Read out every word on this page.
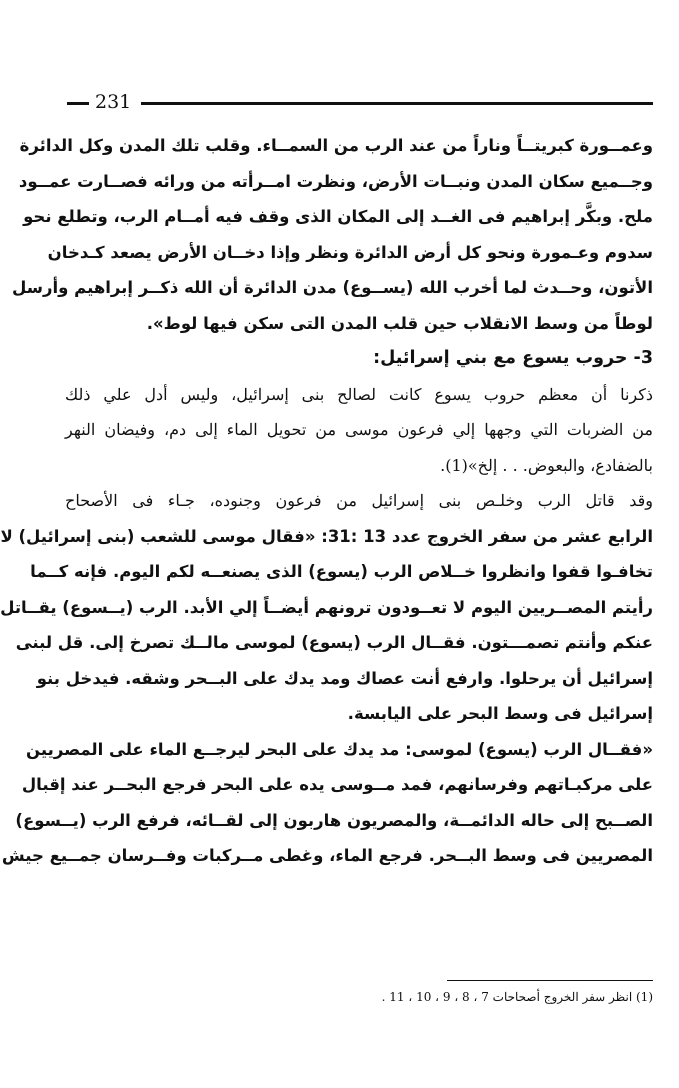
231
وعمــورة كبريتــاً وناراً من عند الرب من السمــاء. وقلب تلك المدن وكل الدائرة
وجــميع سكان المدن ونبــات الأرض، ونظرت امــرأته من ورائه فصــارت عمــود
ملح. وبكَّر إبراهيم فى الغــد إلى المكان الذى وقف فيه أمــام الرب، وتطلع نحو
سدوم وعـمورة ونحو كل أرض الدائرة ونظر وإذا دخــان الأرض يصعد كـدخان
الأتون، وحــدث لما أخرب الله (يســوع) مدن الدائرة أن الله ذكــر إبراهيم وأرسل
لوطاً من وسط الانقلاب حين قلب المدن التى سكن فيها لوط».
3- حروب يسوع مع بني إسرائيل:
ذكرنا أن معظم حروب يسوع كانت لصالح بنى إسرائيل، وليس أدل علي ذلك
من الضربات التي وجهها إلي فرعون موسى من تحويل الماء إلى دم، وفيضان النهر
بالضفادع، والبعوض. . . إلخ»(1).
وقد قاتل الرب وخلـص بنى إسرائيل من فرعون وجنوده، جـاء فى الأصحاح
الرابع عشر من سفر الخروج عدد 13 :31: «فقال موسى للشعب (بنى إسرائيل) لا
تخافـوا قفوا وانظروا خــلاص الرب (يسوع) الذى يصنعــه لكم اليوم. فإنه كــما
رأيتم المصــريين اليوم لا تعــودون ترونهم أيضــاً إلي الأبد. الرب (يــسوع) يقــاتل
عنكم وأنتم تصمـــتون. فقــال الرب (يسوع) لموسى مالــك تصرخ إلى. قل لبنى
إسرائيل أن يرحلوا. وارفع أنت عصاك ومد يدك على البــحر وشقه. فيدخل بنو
إسرائيل فى وسط البحر على اليابسة.
«فقــال الرب (يسوع) لموسى: مد يدك على البحر ليرجــع الماء على المصريين
على مركبـاتهم وفرسانهم، فمد مــوسى يده على البحر فرجع البحــر عند إقبال
الصــبح إلى حاله الدائمــة، والمصريون هاربون إلى لقــائه، فرفع الرب (يــسوع)
المصريين فى وسط البــحر. فرجع الماء، وغطى مــركبات وفــرسان جمــيع جيش
(1) انظر سفر الخروج أصحاحات 7 ، 8 ، 9 ، 10 ، 11 .
